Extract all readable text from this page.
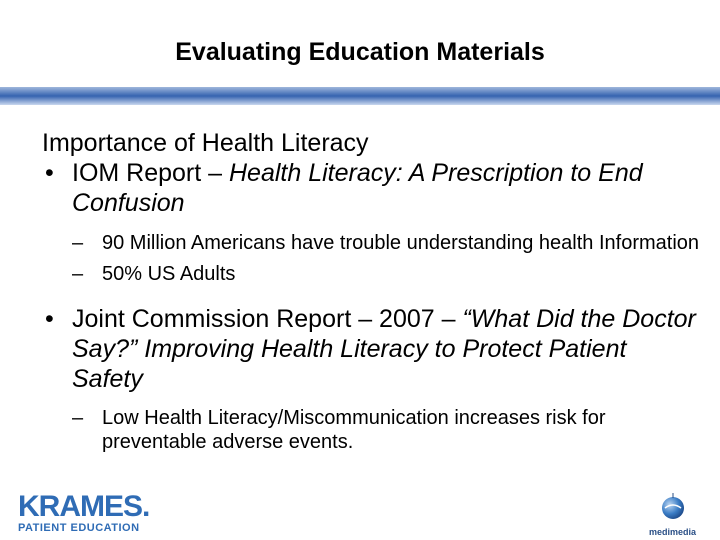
Evaluating Education Materials
Importance of Health Literacy
• IOM Report – Health Literacy: A Prescription to End Confusion
– 90 Million Americans have trouble understanding health Information
– 50% US Adults
• Joint Commission Report – 2007 – “What Did the Doctor Say?” Improving Health Literacy to Protect Patient Safety
– Low Health Literacy/Miscommunication increases risk for preventable adverse events.
KRAMES.
PATIENT EDUCATION	medimedia
